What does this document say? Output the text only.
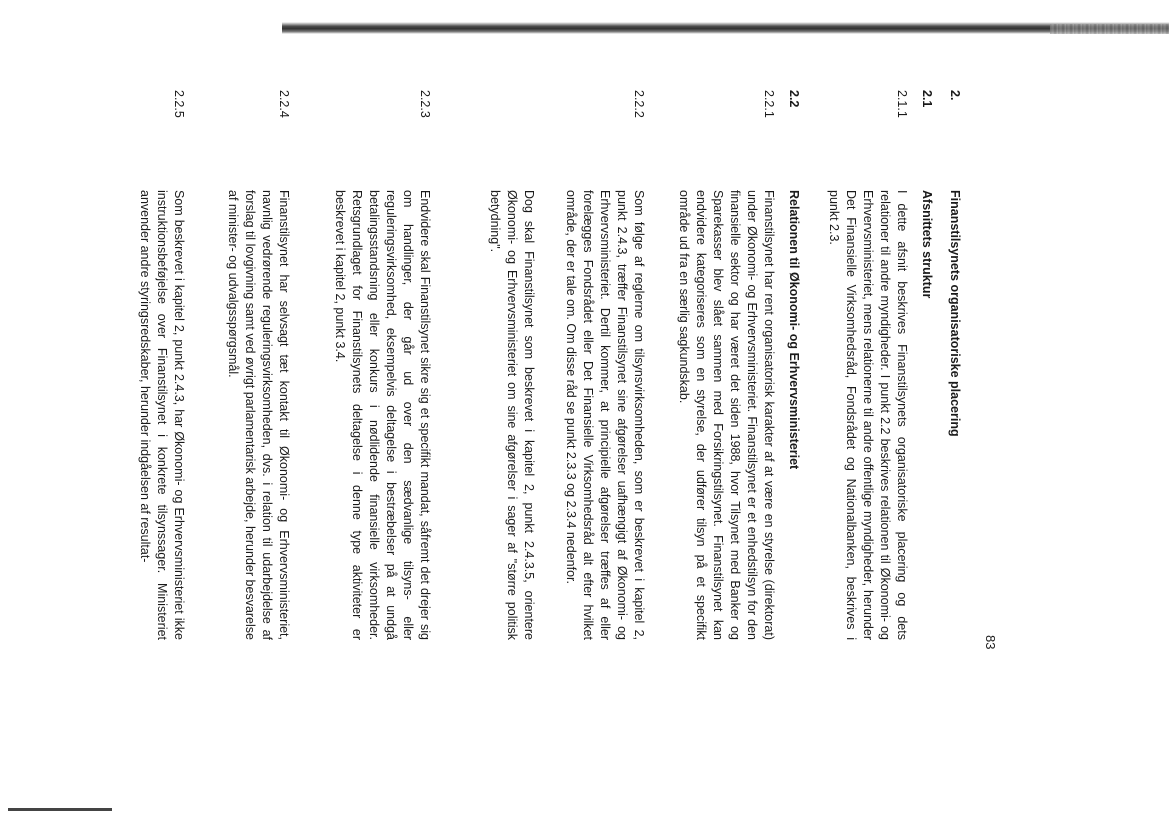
83
2.
Finanstilsynets organisatoriske placering
2.1
Afsnittets struktur
2.1.1

I dette afsnit beskrives Finanstilsynets organisatoriske placering og dets relationer til andre myndigheder. I punkt 2.2 beskrives relationen til Økonomi- og Erhvervsministeriet, mens relationerne til andre offentlige myndigheder, herunder Det Finansielle Virksomhedsråd, Fondsrådet og Nationalbanken, beskrives i punkt 2.3.

2.2
Relationen til Økonomi- og Erhvervsministeriet
2.2.1

Finanstilsynet har rent organisatorisk karakter af at være en styrelse (direktorat) under Økonomi- og Erhvervsministeriet. Finanstilsynet er et enhedstilsyn for den finansielle sektor og har været det siden 1988, hvor Tilsynet med Banker og Sparekasser blev slået sammen med Forsikringstilsynet. Finanstilsynet kan endvidere kategoriseres som en styrelse, der udfører tilsyn på et specifikt område ud fra en særlig sagkundskab.

2.2.2

Som følge af reglerne om tilsynsvirksomheden, som er beskrevet i kapitel 2, punkt 2.4.3, træffer Finanstilsynet sine afgørelser uafhængigt af Økonomi- og Erhvervsministeriet. Dertil kommer, at principielle afgørelser træffes af eller forelægges Fondsrådet eller Det Finansielle Virksomhedsråd alt efter hvilket område, der er tale om. Om disse råd se punkt 2.3.3 og 2.3.4 nedenfor.

Dog skal Finanstilsynet som beskrevet i kapitel 2, punkt 2.4.3.5, orientere Økonomi- og Erhvervsministeriet om sine afgørelser i sager af "større politisk betydning".

2.2.3

Endvidere skal Finanstilsynet sikre sig et specifikt mandat, såfremt det drejer sig om handlinger, der går ud over den sædvanlige tilsyns- eller reguleringsvirksomhed, eksempelvis deltagelse i bestræbelser på at undgå betalingsstandsning eller konkurs i nødlidende finansielle virksomheder. Retsgrundlaget for Finanstilsynets deltagelse i denne type aktiviteter er beskrevet i kapitel 2, punkt 3.4.

2.2.4

Finanstilsynet har selvsagt tæt kontakt til Økonomi- og Erhvervsministeriet, navnlig vedrørende reguleringsvirksomheden, dvs. i relation til udarbejdelse af forslag til lovgivning samt ved øvrigt parlamentarisk arbejde, herunder besvarelse af minister- og udvalgsspørgsmål.

2.2.5

Som beskrevet i kapitel 2, punkt 2.4.3, har Økonomi- og Erhvervsministeriet ikke instruktionsbeføjelse over Finanstilsynet i konkrete tilsynssager. Ministeriet anvender andre styringsredskaber, herunder indgåelsen af resultat-
